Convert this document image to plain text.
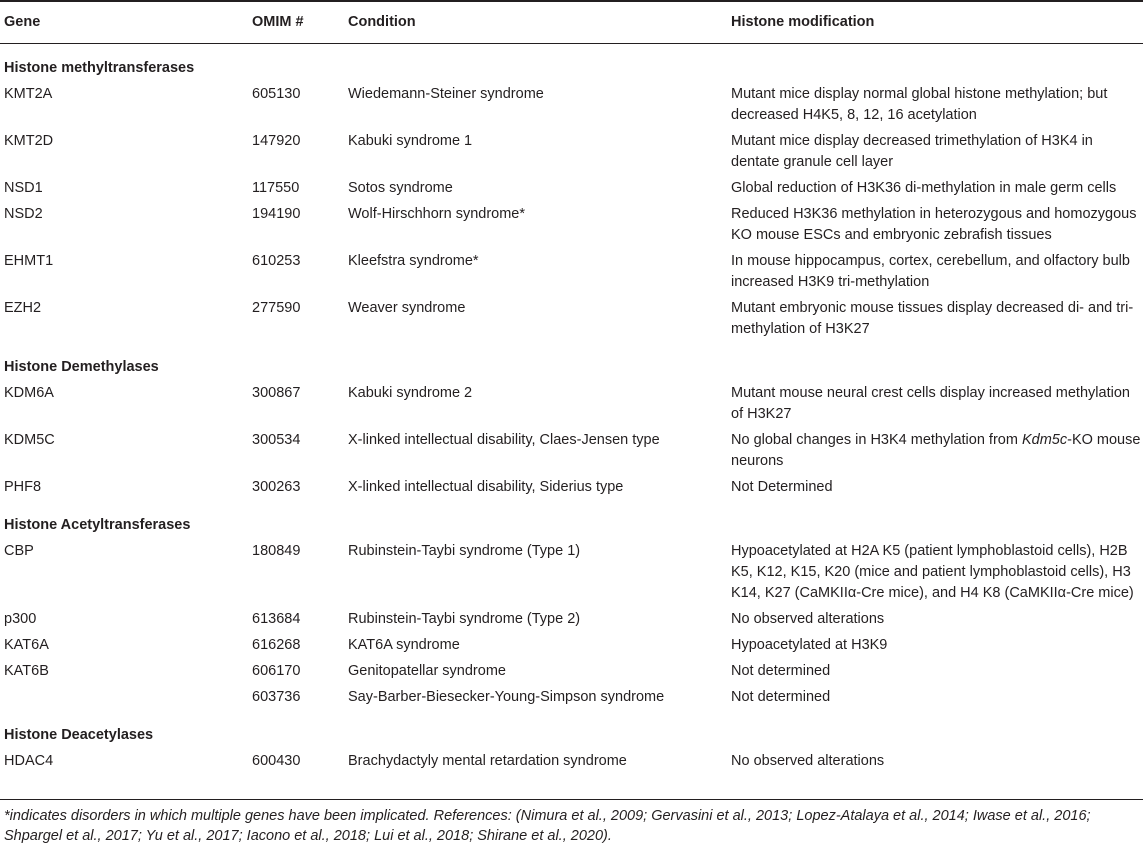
Gene	OMIM #	Condition	Histone modification
Histone methyltransferases			
KMT2A	605130	Wiedemann-Steiner syndrome	Mutant mice display normal global histone methylation; but decreased H4K5, 8, 12, 16 acetylation
KMT2D	147920	Kabuki syndrome 1	Mutant mice display decreased trimethylation of H3K4 in dentate granule cell layer
NSD1	117550	Sotos syndrome	Global reduction of H3K36 di-methylation in male germ cells
NSD2	194190	Wolf-Hirschhorn syndrome*	Reduced H3K36 methylation in heterozygous and homozygous KO mouse ESCs and embryonic zebrafish tissues
EHMT1	610253	Kleefstra syndrome*	In mouse hippocampus, cortex, cerebellum, and olfactory bulb increased H3K9 tri-methylation
EZH2	277590	Weaver syndrome	Mutant embryonic mouse tissues display decreased di- and tri-methylation of H3K27
Histone Demethylases			
KDM6A	300867	Kabuki syndrome 2	Mutant mouse neural crest cells display increased methylation of H3K27
KDM5C	300534	X-linked intellectual disability, Claes-Jensen type	No global changes in H3K4 methylation from Kdm5c-KO mouse neurons
PHF8	300263	X-linked intellectual disability, Siderius type	Not Determined
Histone Acetyltransferases			
CBP	180849	Rubinstein-Taybi syndrome (Type 1)	Hypoacetylated at H2A K5 (patient lymphoblastoid cells), H2B K5, K12, K15, K20 (mice and patient lymphoblastoid cells), H3 K14, K27 (CaMKIIα-Cre mice), and H4 K8 (CaMKIIα-Cre mice)
p300	613684	Rubinstein-Taybi syndrome (Type 2)	No observed alterations
KAT6A	616268	KAT6A syndrome	Hypoacetylated at H3K9
KAT6B	606170	Genitopatellar syndrome	Not determined
	603736	Say-Barber-Biesecker-Young-Simpson syndrome	Not determined
Histone Deacetylases			
HDAC4	600430	Brachydactyly mental retardation syndrome	No observed alterations
*indicates disorders in which multiple genes have been implicated. References: (Nimura et al., 2009; Gervasini et al., 2013; Lopez-Atalaya et al., 2014; Iwase et al., 2016; Shpargel et al., 2017; Yu et al., 2017; Iacono et al., 2018; Lui et al., 2018; Shirane et al., 2020).
